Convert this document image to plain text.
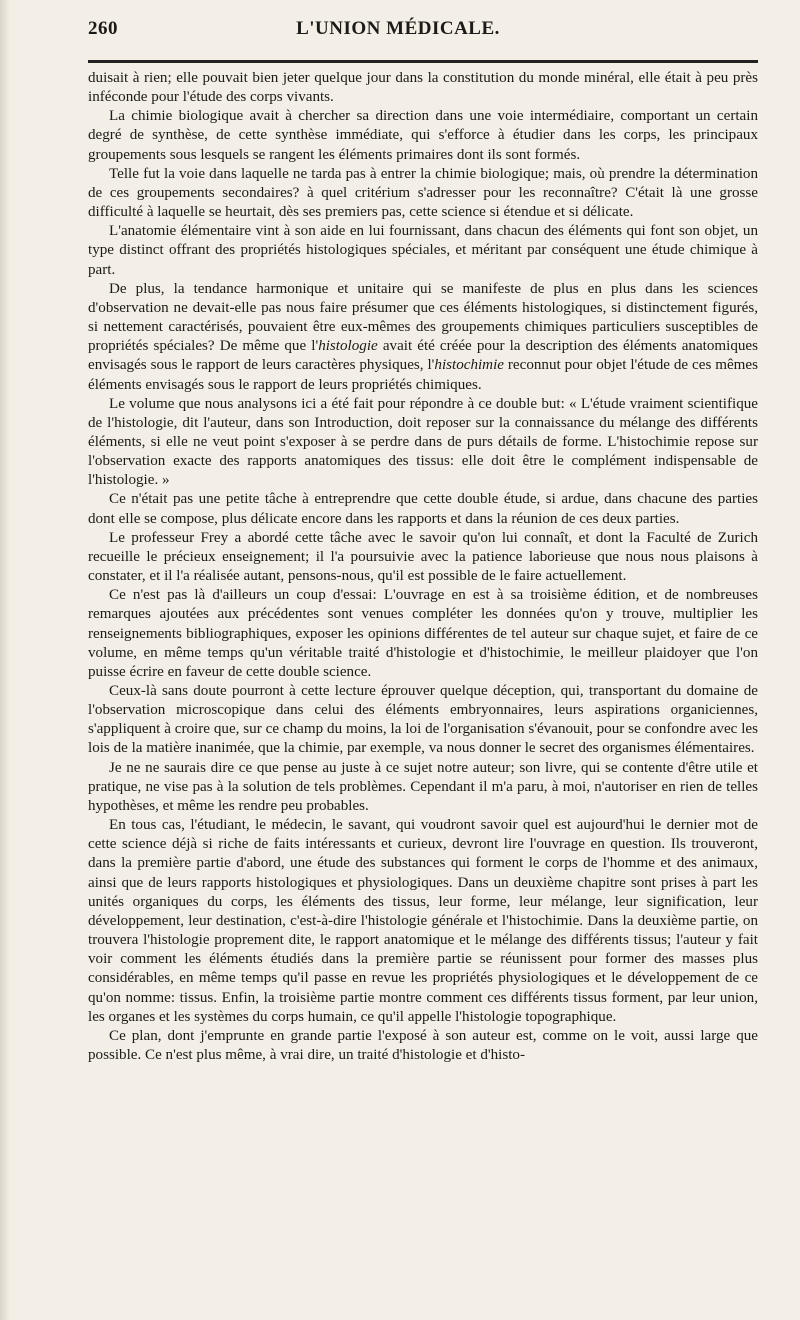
260	L'UNION MÉDICALE.

duisait à rien; elle pouvait bien jeter quelque jour dans la constitution du monde minéral, elle était à peu près inféconde pour l'étude des corps vivants.

La chimie biologique avait à chercher sa direction dans une voie intermédiaire, comportant un certain degré de synthèse, de cette synthèse immédiate, qui s'efforce à étudier dans les corps, les principaux groupements sous lesquels se rangent les éléments primaires dont ils sont formés.

Telle fut la voie dans laquelle ne tarda pas à entrer la chimie biologique; mais, où prendre la détermination de ces groupements secondaires? à quel critérium s'adresser pour les reconnaître? C'était là une grosse difficulté à laquelle se heurtait, dès ses premiers pas, cette science si étendue et si délicate.

L'anatomie élémentaire vint à son aide en lui fournissant, dans chacun des éléments qui font son objet, un type distinct offrant des propriétés histologiques spéciales, et méritant par conséquent une étude chimique à part.

De plus, la tendance harmonique et unitaire qui se manifeste de plus en plus dans les sciences d'observation ne devait-elle pas nous faire présumer que ces éléments histologiques, si distinctement figurés, si nettement caractérisés, pouvaient être eux-mêmes des groupements chimiques particuliers susceptibles de propriétés spéciales? De même que l'histologie avait été créée pour la description des éléments anatomiques envisagés sous le rapport de leurs caractères physiques, l'histochimie reconnut pour objet l'étude de ces mêmes éléments envisagés sous le rapport de leurs propriétés chimiques.

Le volume que nous analysons ici a été fait pour répondre à ce double but: « L'étude vraiment scientifique de l'histologie, dit l'auteur, dans son Introduction, doit reposer sur la connaissance du mélange des différents éléments, si elle ne veut point s'exposer à se perdre dans de purs détails de forme. L'histochimie repose sur l'observation exacte des rapports anatomiques des tissus: elle doit être le complément indispensable de l'histologie. »

Ce n'était pas une petite tâche à entreprendre que cette double étude, si ardue, dans chacune des parties dont elle se compose, plus délicate encore dans les rapports et dans la réunion de ces deux parties.

Le professeur Frey a abordé cette tâche avec le savoir qu'on lui connaît, et dont la Faculté de Zurich recueille le précieux enseignement; il l'a poursuivie avec la patience laborieuse que nous nous plaisons à constater, et il l'a réalisée autant, pensons-nous, qu'il est possible de le faire actuellement.

Ce n'est pas là d'ailleurs un coup d'essai: L'ouvrage en est à sa troisième édition, et de nombreuses remarques ajoutées aux précédentes sont venues compléter les données qu'on y trouve, multiplier les renseignements bibliographiques, exposer les opinions différentes de tel auteur sur chaque sujet, et faire de ce volume, en même temps qu'un véritable traité d'histologie et d'histochimie, le meilleur plaidoyer que l'on puisse écrire en faveur de cette double science.

Ceux-là sans doute pourront à cette lecture éprouver quelque déception, qui, transportant du domaine de l'observation microscopique dans celui des éléments embryonnaires, leurs aspirations organiciennes, s'appliquent à croire que, sur ce champ du moins, la loi de l'organisation s'évanouit, pour se confondre avec les lois de la matière inanimée, que la chimie, par exemple, va nous donner le secret des organismes élémentaires.

Je ne ne saurais dire ce que pense au juste à ce sujet notre auteur; son livre, qui se contente d'être utile et pratique, ne vise pas à la solution de tels problèmes. Cependant il m'a paru, à moi, n'autoriser en rien de telles hypothèses, et même les rendre peu probables.

En tous cas, l'étudiant, le médecin, le savant, qui voudront savoir quel est aujourd'hui le dernier mot de cette science déjà si riche de faits intéressants et curieux, devront lire l'ouvrage en question. Ils trouveront, dans la première partie d'abord, une étude des substances qui forment le corps de l'homme et des animaux, ainsi que de leurs rapports histologiques et physiologiques. Dans un deuxième chapitre sont prises à part les unités organiques du corps, les éléments des tissus, leur forme, leur mélange, leur signification, leur développement, leur destination, c'est-à-dire l'histologie générale et l'histochimie. Dans la deuxième partie, on trouvera l'histologie proprement dite, le rapport anatomique et le mélange des différents tissus; l'auteur y fait voir comment les éléments étudiés dans la première partie se réunissent pour former des masses plus considérables, en même temps qu'il passe en revue les propriétés physiologiques et le développement de ce qu'on nomme: tissus. Enfin, la troisième partie montre comment ces différents tissus forment, par leur union, les organes et les systèmes du corps humain, ce qu'il appelle l'histologie topographique.

Ce plan, dont j'emprunte en grande partie l'exposé à son auteur est, comme on le voit, aussi large que possible. Ce n'est plus même, à vrai dire, un traité d'histologie et d'histo-
